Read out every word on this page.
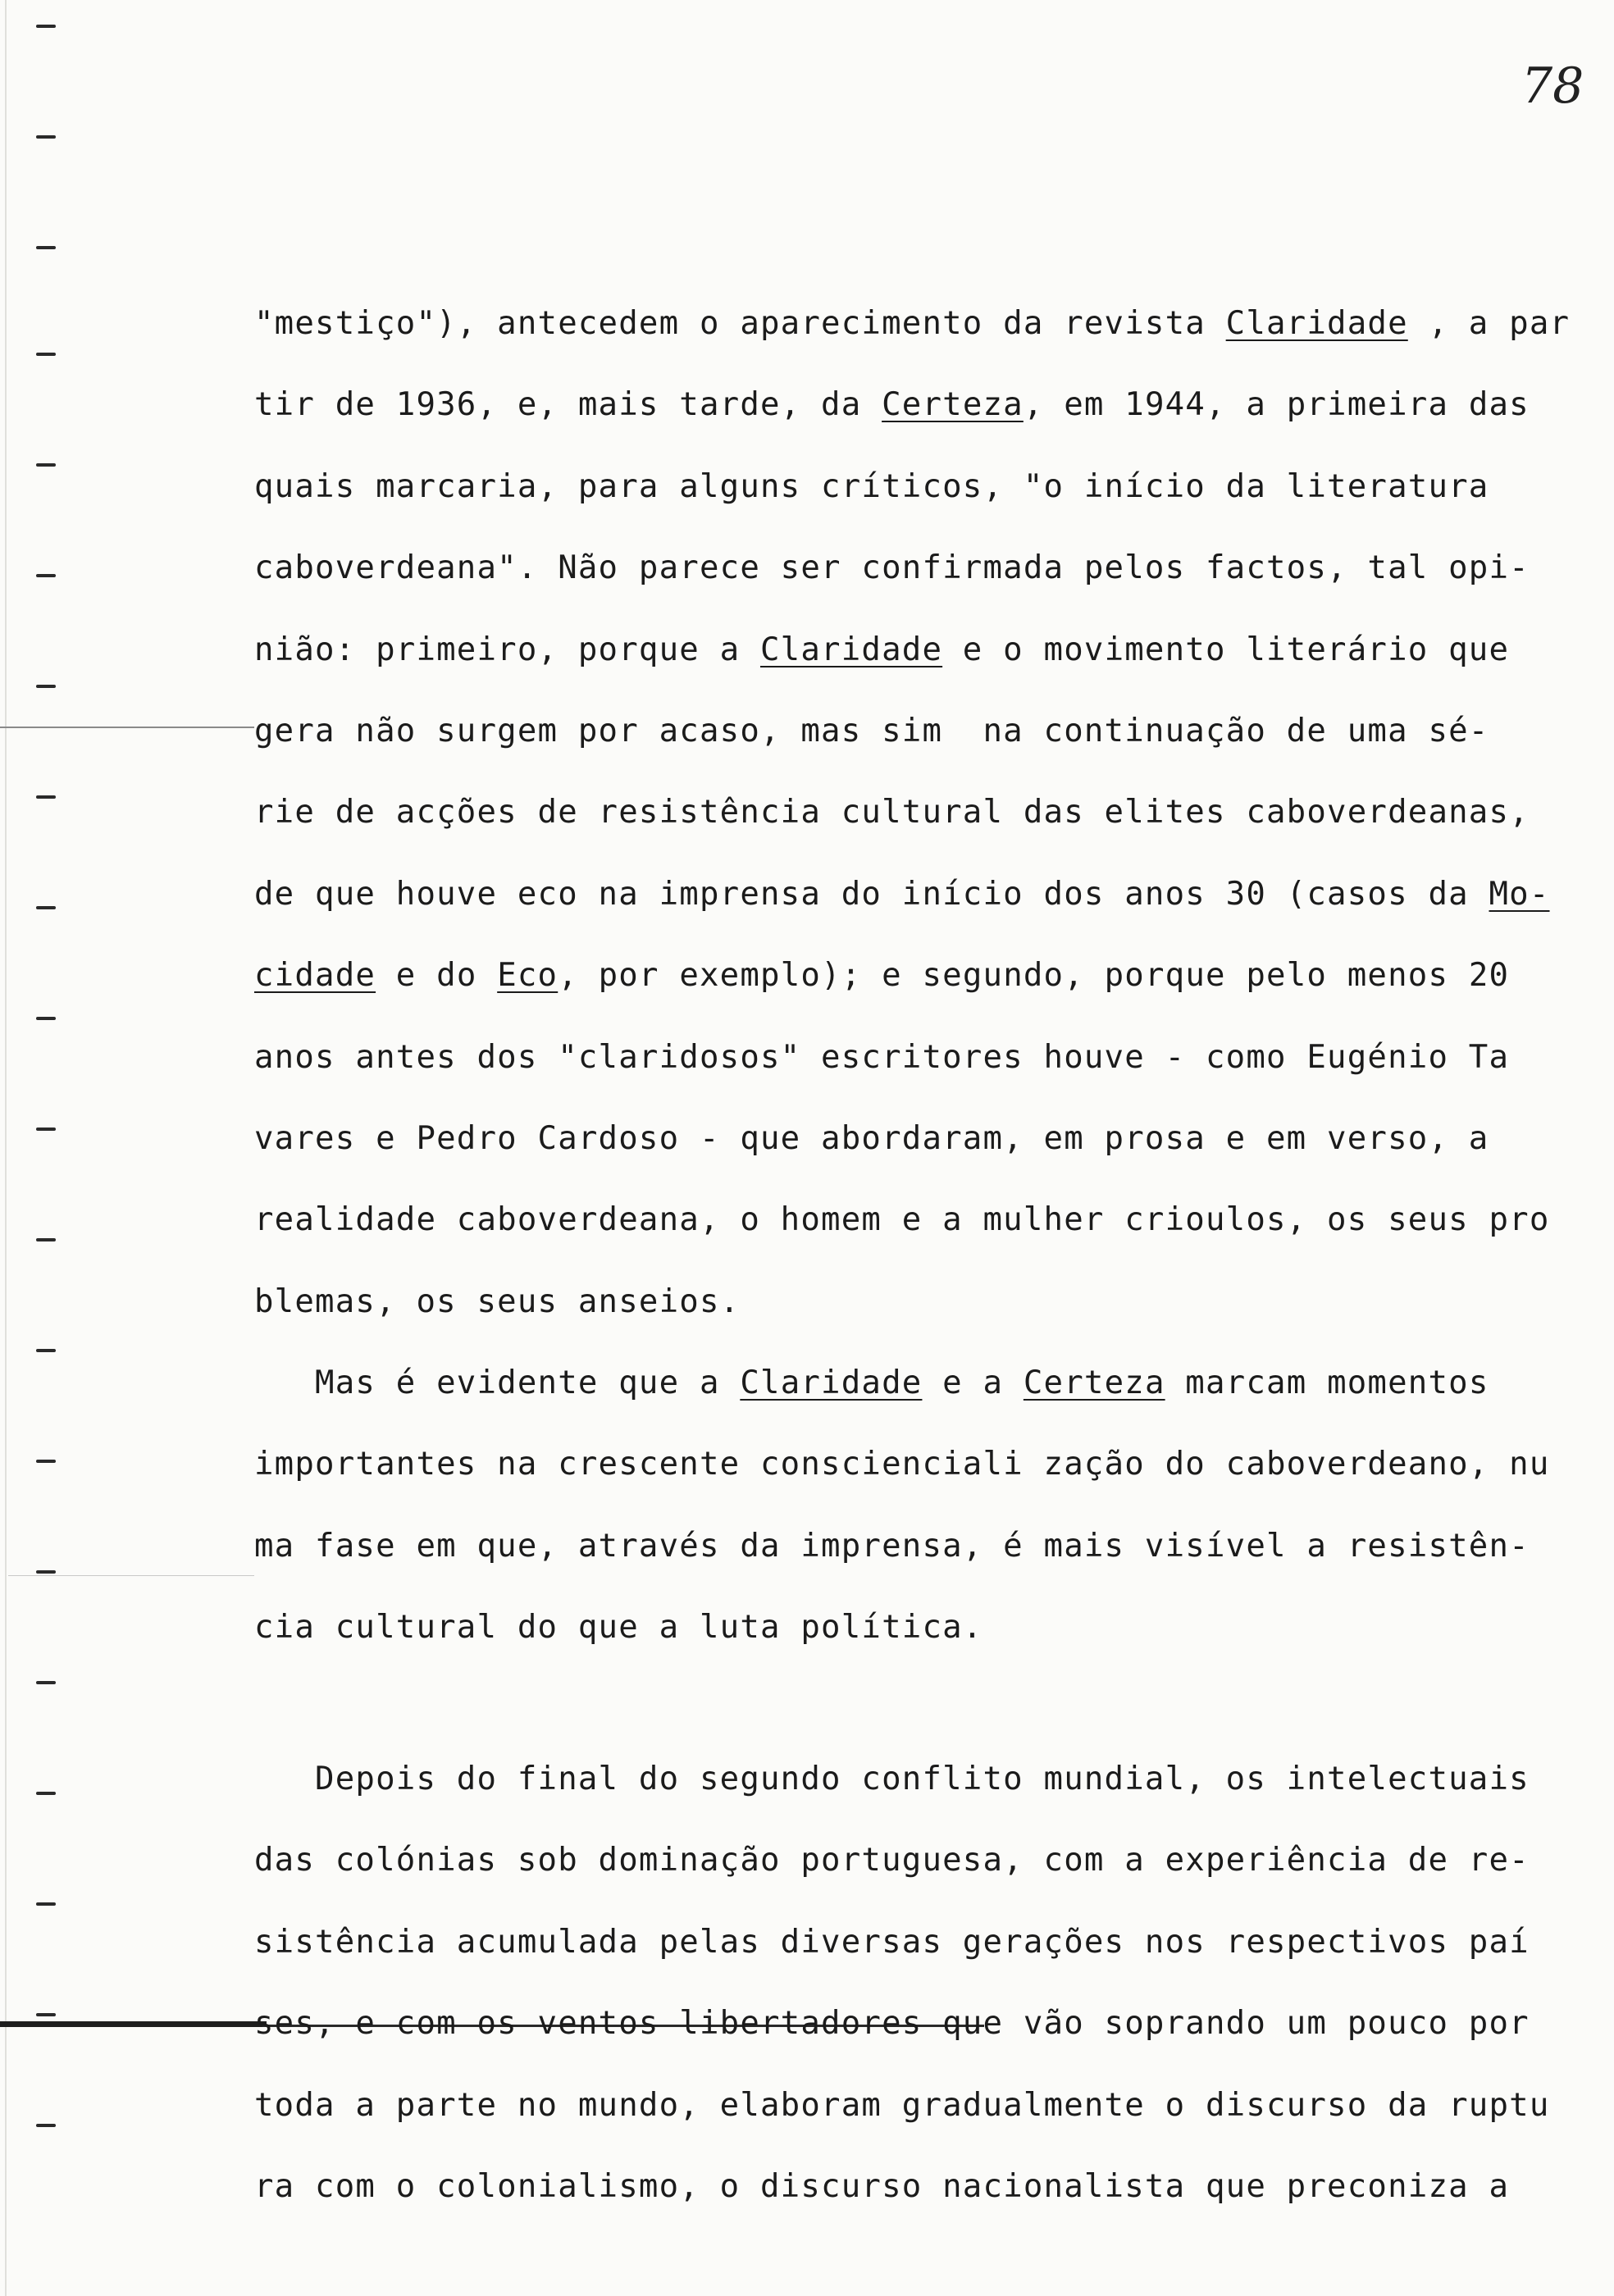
78
"mestiço"), antecedem o aparecimento da revista Claridade , a par
tir de 1936, e, mais tarde, da Certeza, em 1944, a primeira das
quais marcaria, para alguns críticos, "o início da literatura
caboverdeana". Não parece ser confirmada pelos factos, tal opi-
nião: primeiro, porque a Claridade e o movimento literário que
gera não surgem por acaso, mas sim  na continuação de uma sé-
rie de acções de resistência cultural das elites caboverdeanas,
de que houve eco na imprensa do início dos anos 30 (casos da Mo-
cidade e do Eco, por exemplo); e segundo, porque pelo menos 20
anos antes dos "claridosos" escritores houve - como Eugénio Ta
vares e Pedro Cardoso - que abordaram, em prosa e em verso, a
realidade caboverdeana, o homem e a mulher crioulos, os seus pro
blemas, os seus anseios.
Mas é evidente que a Claridade e a Certeza marcam momentos
importantes na crescente conscienciali zação do caboverdeano, nu
ma fase em que, através da imprensa, é mais visível a resistên-
cia cultural do que a luta política.
Depois do final do segundo conflito mundial, os intelectuais
das colónias sob dominação portuguesa, com a experiência de re-
sistência acumulada pelas diversas gerações nos respectivos paí
ses, e com os ventos libertadores que vão soprando um pouco por
toda a parte no mundo, elaboram gradualmente o discurso da ruptu
ra com o colonialismo, o discurso nacionalista que preconiza a
